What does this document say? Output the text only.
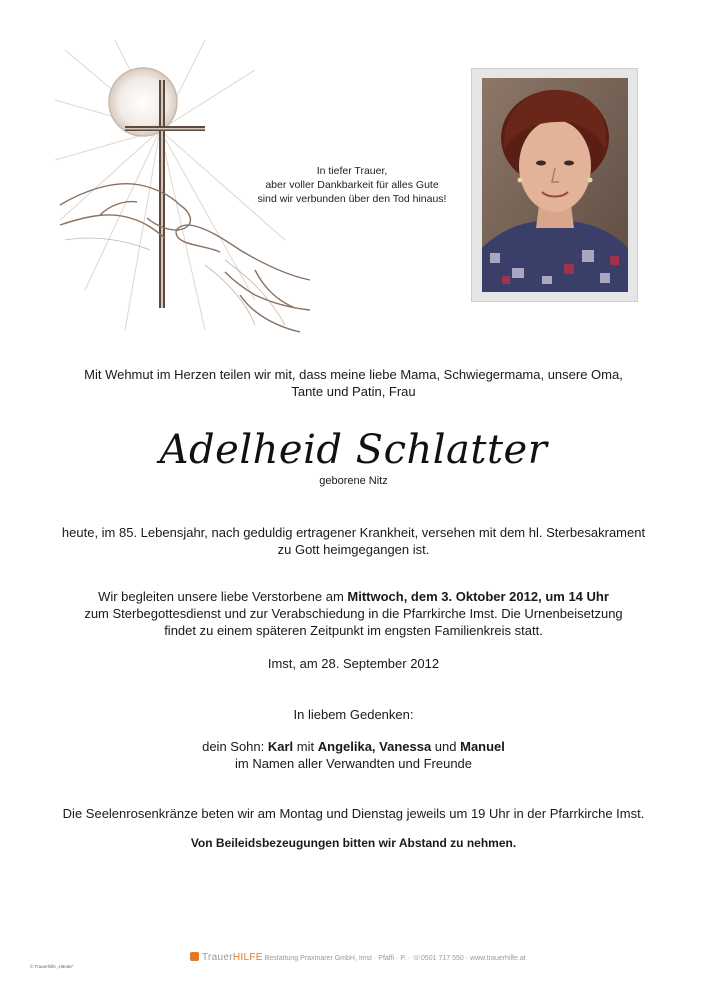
In tiefer Trauer,
aber voller Dankbarkeit für alles Gute
sind wir verbunden über den Tod hinaus!
Mit Wehmut im Herzen teilen wir mit, dass meine liebe Mama, Schwiegermama, unsere Oma,
Tante und Patin, Frau
Adelheid Schlatter
geborene Nitz
heute, im 85. Lebensjahr, nach geduldig ertragener Krankheit, versehen mit dem hl. Sterbesakrament
zu Gott heimgegangen ist.
Wir begleiten unsere liebe Verstorbene am Mittwoch, dem 3. Oktober 2012, um 14 Uhr
zum Sterbegottesdienst und zur Verabschiedung in die Pfarrkirche Imst. Die Urnenbeisetzung
findet zu einem späteren Zeitpunkt im engsten Familienkreis statt.
Imst, am 28. September 2012
In liebem Gedenken:
dein Sohn: Karl mit Angelika, Vanessa und Manuel
im Namen aller Verwandten und Freunde
Die Seelenrosenkränze beten wir am Montag und Dienstag jeweils um 19 Uhr in der Pfarrkirche Imst.
Von Beileidsbezeugungen bitten wir Abstand zu nehmen.
TrauerHILFE Bestattung Praxmarer GmbH, Imst · Pfaffi · P. · ☏0501 717 550 · www.trauerhilfe.at
© Trauerhilfe „Hände“
